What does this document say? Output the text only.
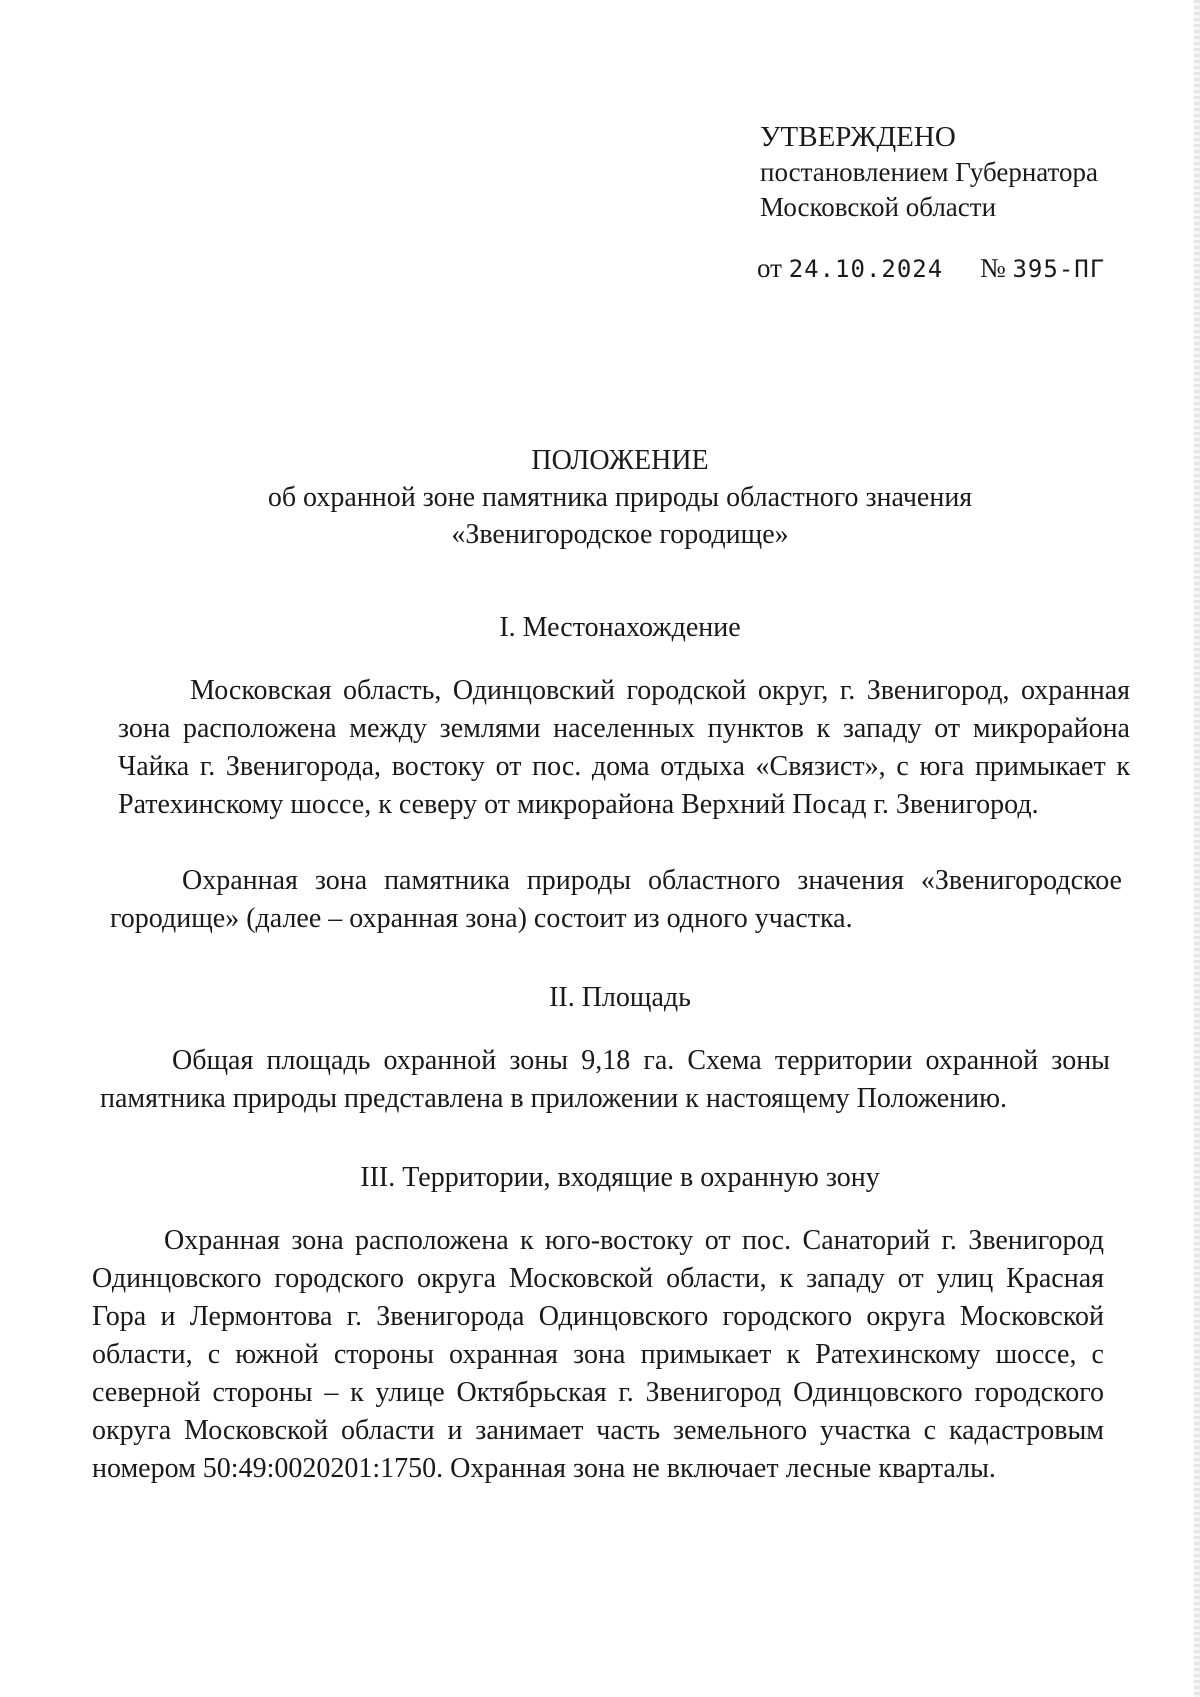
УТВЕРЖДЕНО
постановлением Губернатора
Московской области
от 24.10.2024 № 395-ПГ
ПОЛОЖЕНИЕ
об охранной зоне памятника природы областного значения
«Звенигородское городище»
I. Местонахождение
Московская область, Одинцовский городской округ, г. Звенигород, охранная зона расположена между землями населенных пунктов к западу от микрорайона Чайка г. Звенигорода, востоку от пос. дома отдыха «Связист», с юга примыкает к Ратехинскому шоссе, к северу от микрорайона Верхний Посад г. Звенигород.
Охранная зона памятника природы областного значения «Звенигородское городище» (далее – охранная зона) состоит из одного участка.
II. Площадь
Общая площадь охранной зоны 9,18 га. Схема территории охранной зоны памятника природы представлена в приложении к настоящему Положению.
III. Территории, входящие в охранную зону
Охранная зона расположена к юго-востоку от пос. Санаторий г. Звенигород Одинцовского городского округа Московской области, к западу от улиц Красная Гора и Лермонтова г. Звенигорода Одинцовского городского округа Московской области, с южной стороны охранная зона примыкает к Ратехинскому шоссе, с северной стороны – к улице Октябрьская г. Звенигород Одинцовского городского округа Московской области и занимает часть земельного участка с кадастровым номером 50:49:0020201:1750. Охранная зона не включает лесные кварталы.
